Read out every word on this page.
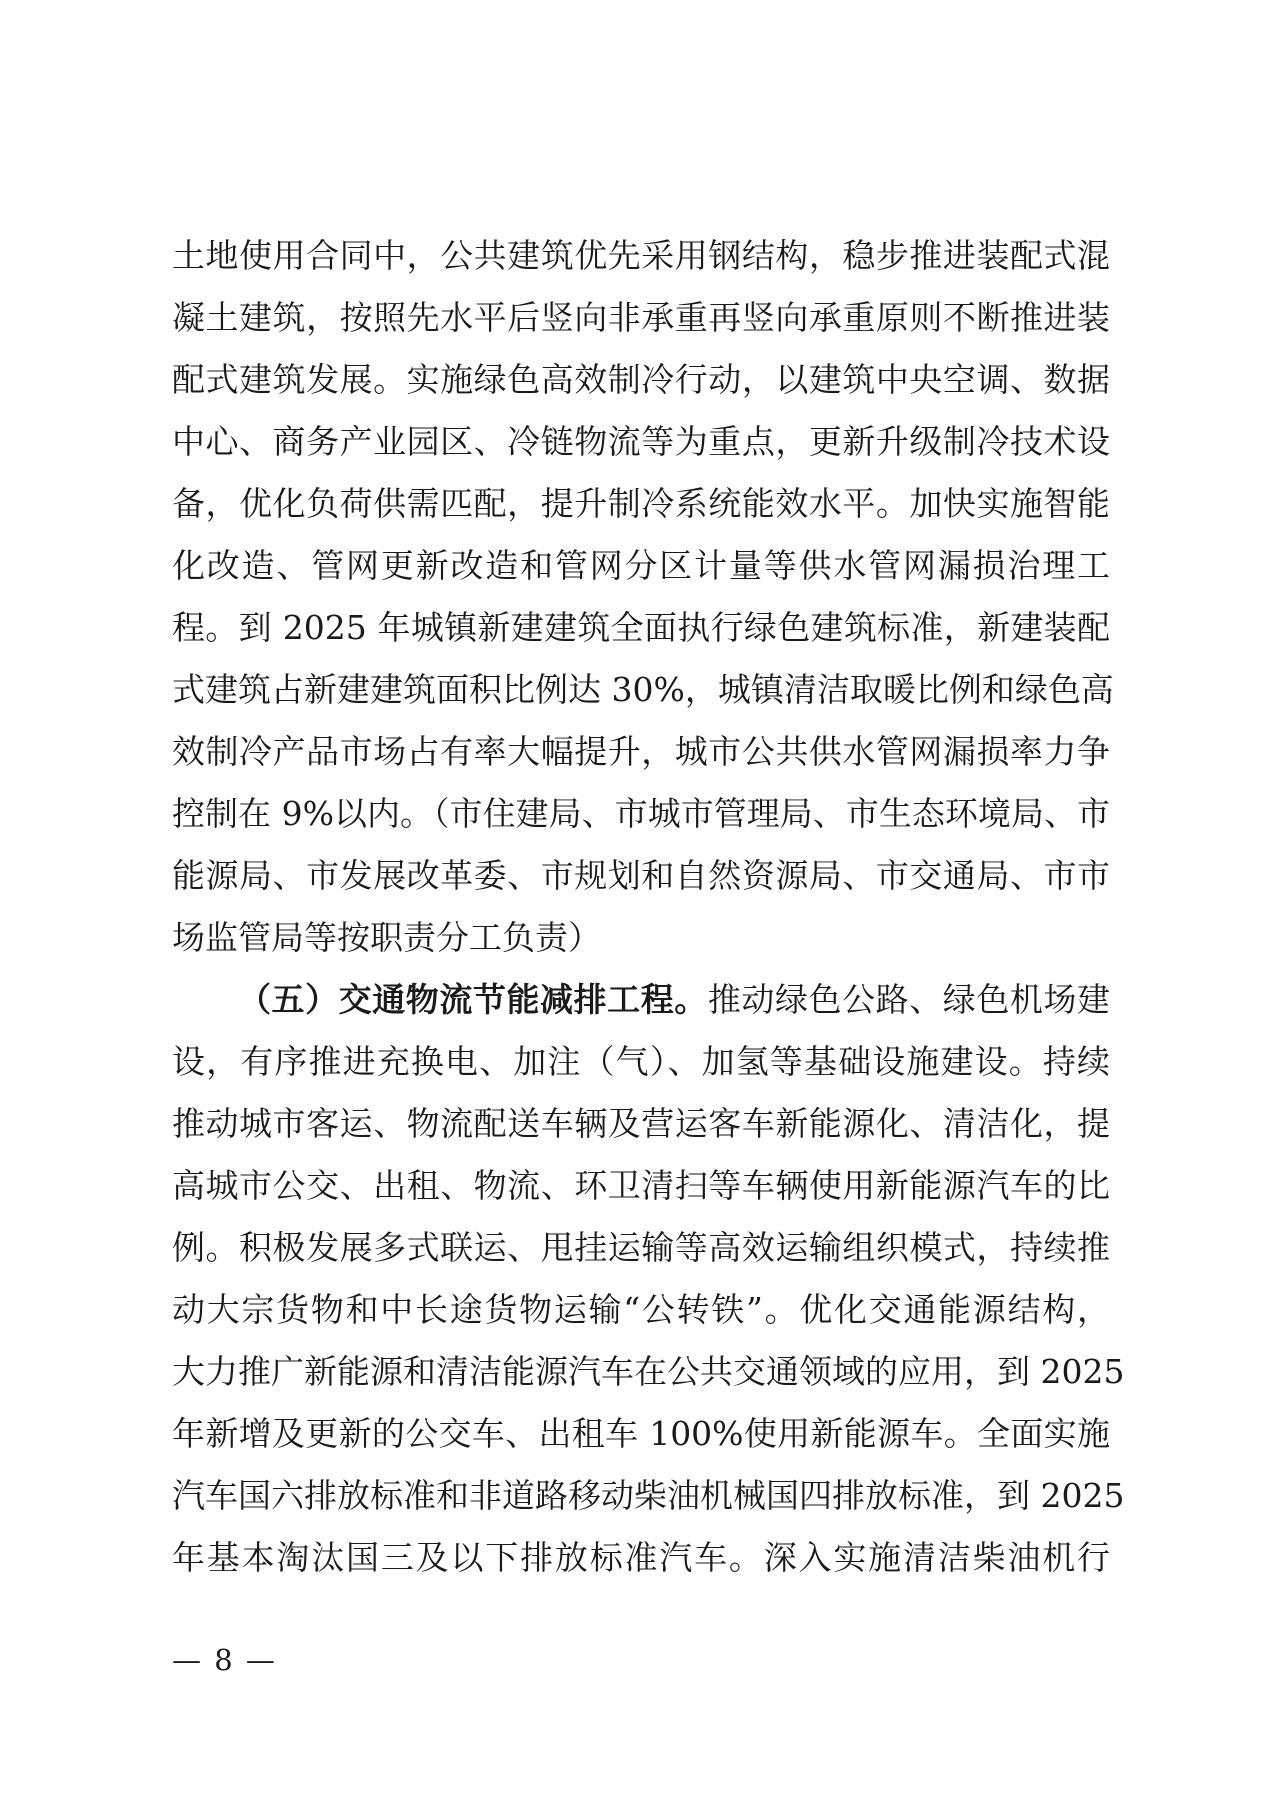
土地使用合同中，公共建筑优先采用钢结构，稳步推进装配式混
凝土建筑，按照先水平后竖向非承重再竖向承重原则不断推进装
配式建筑发展。实施绿色高效制冷行动，以建筑中央空调、数据
中心、商务产业园区、冷链物流等为重点，更新升级制冷技术设
备，优化负荷供需匹配，提升制冷系统能效水平。加快实施智能
化改造、管网更新改造和管网分区计量等供水管网漏损治理工
程。到 2025 年城镇新建建筑全面执行绿色建筑标准，新建装配
式建筑占新建建筑面积比例达 30%，城镇清洁取暖比例和绿色高
效制冷产品市场占有率大幅提升，城市公共供水管网漏损率力争
控制在 9%以内。（市住建局、市城市管理局、市生态环境局、市
能源局、市发展改革委、市规划和自然资源局、市交通局、市市
场监管局等按职责分工负责）
（五）交通物流节能减排工程。推动绿色公路、绿色机场建
设，有序推进充换电、加注（气）、加氢等基础设施建设。持续
推动城市客运、物流配送车辆及营运客车新能源化、清洁化，提
高城市公交、出租、物流、环卫清扫等车辆使用新能源汽车的比
例。积极发展多式联运、甩挂运输等高效运输组织模式，持续推
动大宗货物和中长途货物运输“公转铁”。优化交通能源结构，
大力推广新能源和清洁能源汽车在公共交通领域的应用，到 2025
年新增及更新的公交车、出租车 100%使用新能源车。全面实施
汽车国六排放标准和非道路移动柴油机械国四排放标准，到 2025
年基本淘汰国三及以下排放标准汽车。深入实施清洁柴油机行
— 8 —
